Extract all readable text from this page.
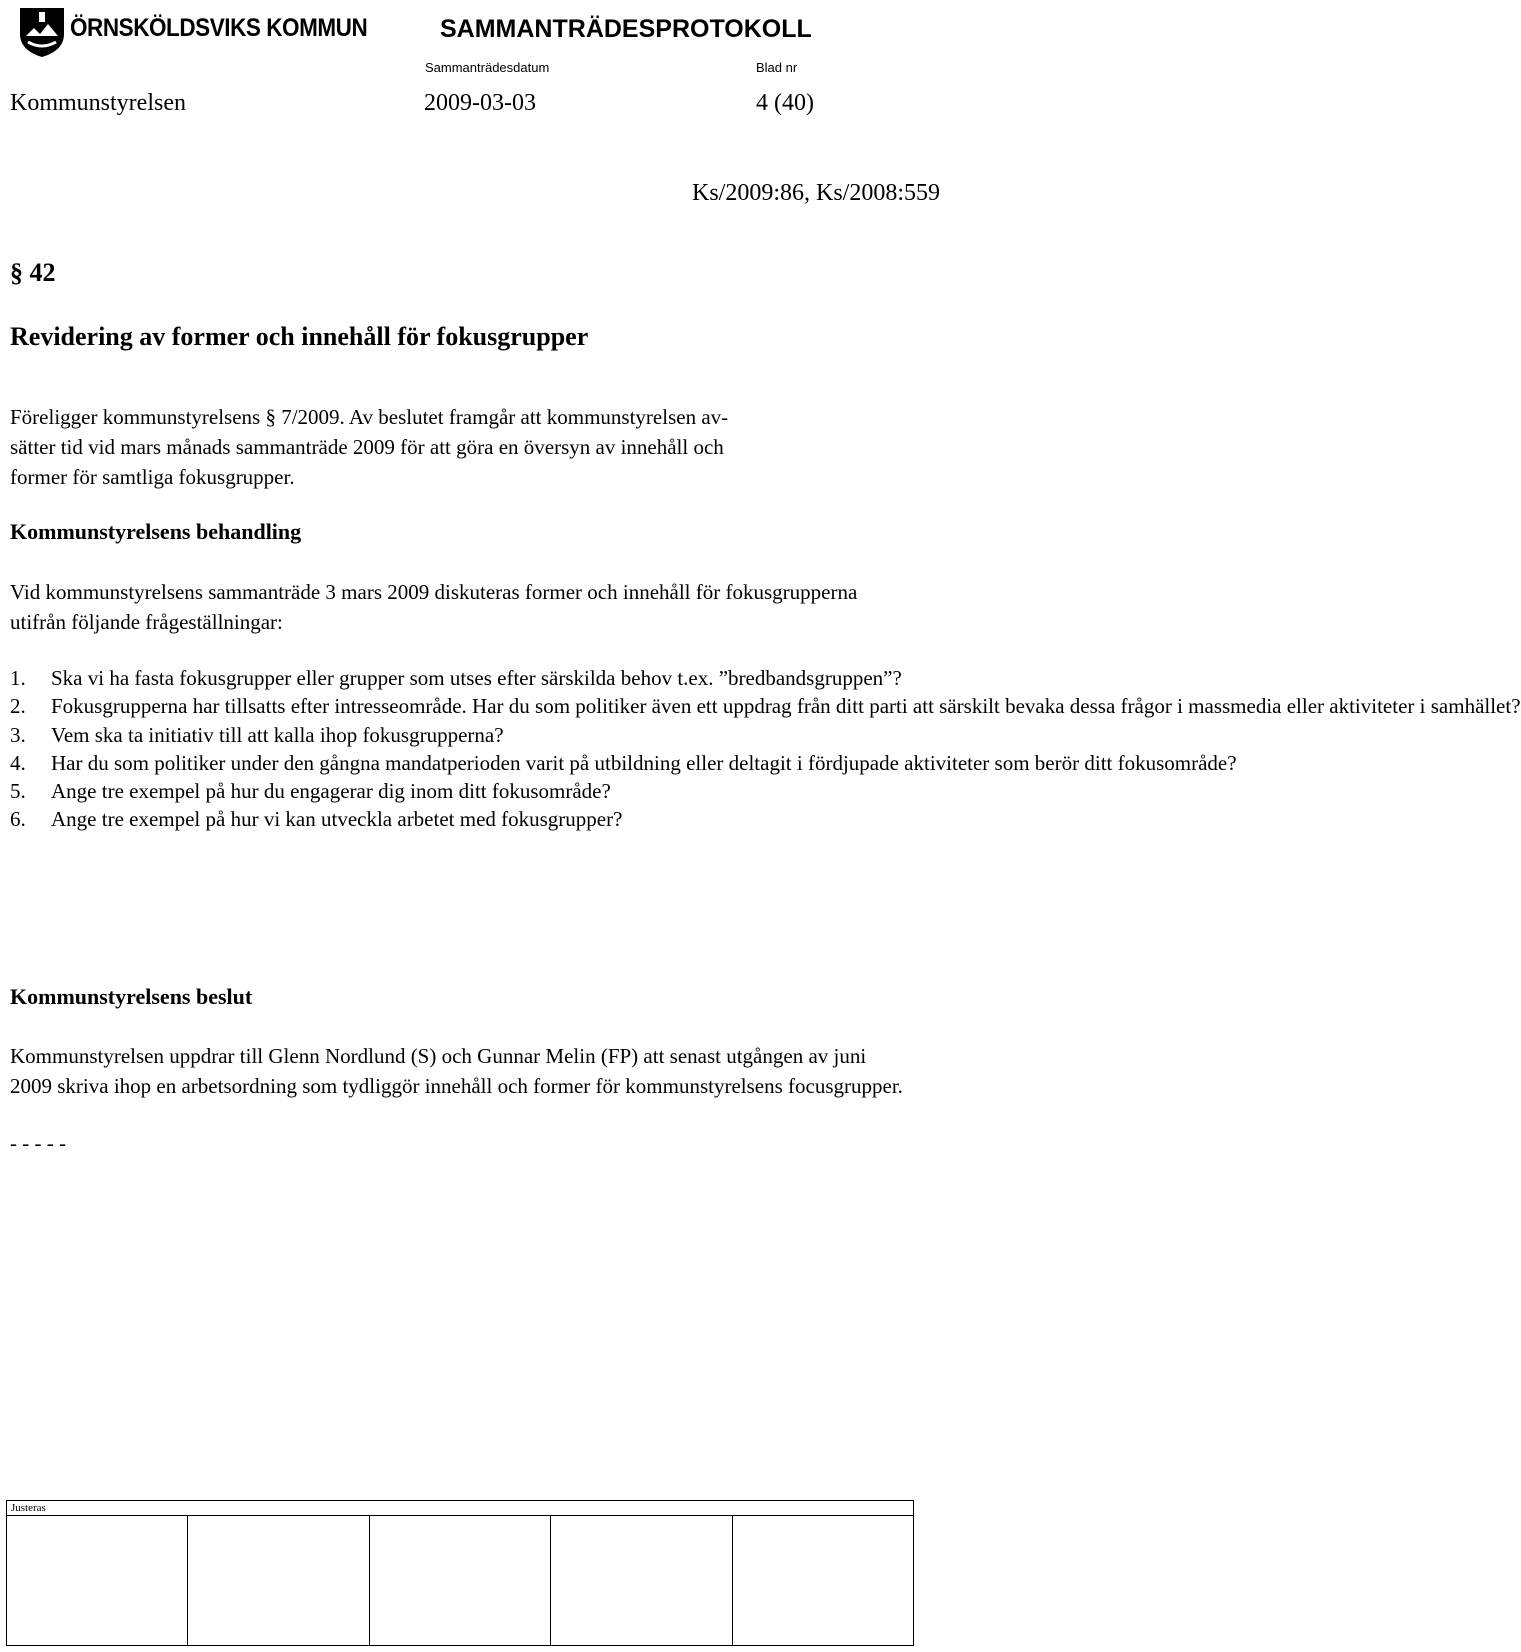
ÖRNSKÖLDSVIKS KOMMUN	SAMMANTRÄDESPROTOKOLL
Sammanträdesdatum	Blad nr
Kommunstyrelsen	2009-03-03	4 (40)
Ks/2009:86, Ks/2008:559
§ 42
Revidering av former och innehåll för fokusgrupper
Föreligger kommunstyrelsens § 7/2009. Av beslutet framgår att kommunstyrelsen av-
sätter tid vid mars månads sammanträde 2009 för att göra en översyn av innehåll och
former för samtliga fokusgrupper.
Kommunstyrelsens behandling
Vid kommunstyrelsens sammanträde 3 mars 2009 diskuteras former och innehåll för fokusgrupperna utifrån följande frågeställningar:
1. Ska vi ha fasta fokusgrupper eller grupper som utses efter särskilda behov t.ex. ”bredbandsgruppen”?
2. Fokusgrupperna har tillsatts efter intresseområde. Har du som politiker även ett uppdrag från ditt parti att särskilt bevaka dessa frågor i massmedia eller aktiviteter i samhället?
3. Vem ska ta initiativ till att kalla ihop fokusgrupperna?
4. Har du som politiker under den gångna mandatperioden varit på utbildning eller deltagit i fördjupade aktiviteter som berör ditt fokusområde?
5. Ange tre exempel på hur du engagerar dig inom ditt fokusområde?
6. Ange tre exempel på hur vi kan utveckla arbetet med fokusgrupper?
Kommunstyrelsens beslut
Kommunstyrelsen uppdrar till Glenn Nordlund (S) och Gunnar Melin (FP) att senast utgången av juni 2009 skriva ihop en arbetsordning som tydliggör innehåll och former för kommunstyrelsens focusgrupper.
- - - - -
Justeras
